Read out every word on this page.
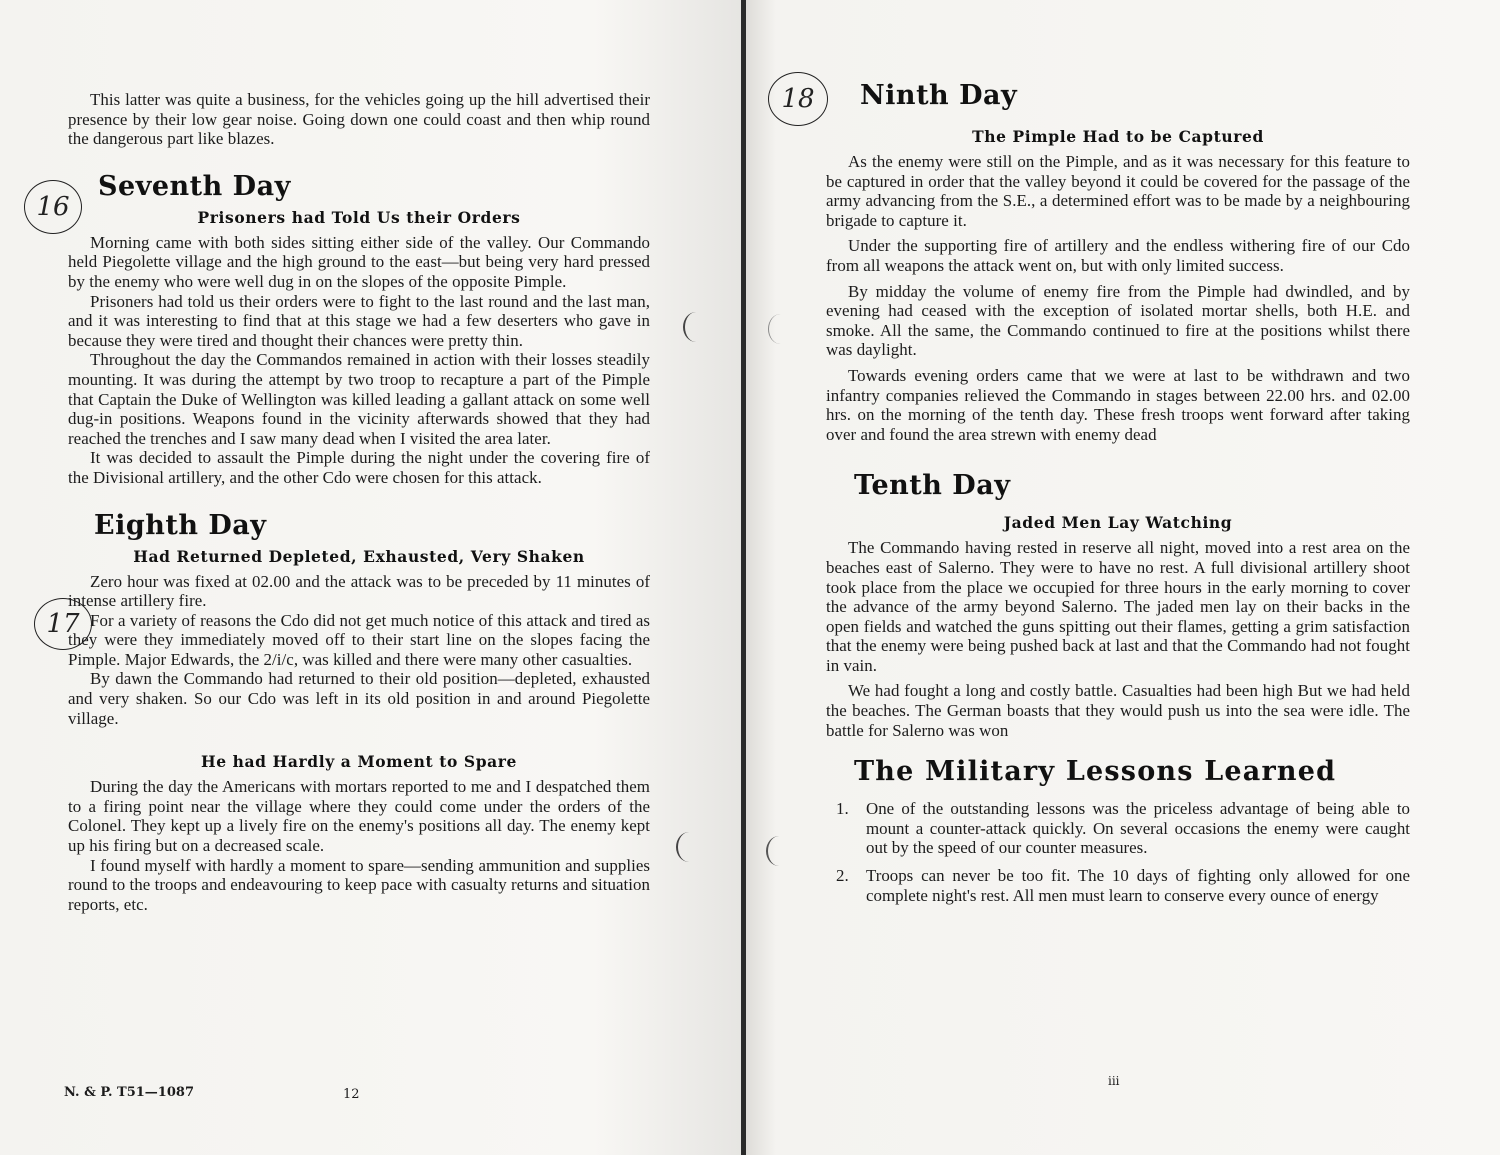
This latter was quite a business, for the vehicles going up the hill advertised their presence by their low gear noise. Going down one could coast and then whip round the dangerous part like blazes.

Seventh Day
Prisoners had Told Us their Orders

Morning came with both sides sitting either side of the valley. Our Commando held Piegolette village and the high ground to the east—but being very hard pressed by the enemy who were well dug in on the slopes of the opposite Pimple.

Prisoners had told us their orders were to fight to the last round and the last man, and it was interesting to find that at this stage we had a few deserters who gave in because they were tired and thought their chances were pretty thin.

Throughout the day the Commandos remained in action with their losses steadily mounting. It was during the attempt by two troop to recapture a part of the Pimple that Captain the Duke of Wellington was killed leading a gallant attack on some well dug-in positions. Weapons found in the vicinity afterwards showed that they had reached the trenches and I saw many dead when I visited the area later.

It was decided to assault the Pimple during the night under the covering fire of the Divisional artillery, and the other Cdo were chosen for this attack.

Eighth Day
Had Returned Depleted, Exhausted, Very Shaken

Zero hour was fixed at 02.00 and the attack was to be preceded by 11 minutes of intense artillery fire.

For a variety of reasons the Cdo did not get much notice of this attack and tired as they were they immediately moved off to their start line on the slopes facing the Pimple. Major Edwards, the 2/i/c, was killed and there were many other casualties.

By dawn the Commando had returned to their old position—depleted, exhausted and very shaken. So our Cdo was left in its old position in and around Piegolette village.

He had Hardly a Moment to Spare

During the day the Americans with mortars reported to me and I despatched them to a firing point near the village where they could come under the orders of the Colonel. They kept up a lively fire on the enemy's positions all day. The enemy kept up his firing but on a decreased scale.

I found myself with hardly a moment to spare—sending ammunition and supplies round to the troops and endeavouring to keep pace with casualty returns and situation reports, etc.

16
17
N. & P. T51—1087	12
Ninth Day
The Pimple Had to be Captured

As the enemy were still on the Pimple, and as it was necessary for this feature to be captured in order that the valley beyond it could be covered for the passage of the army advancing from the S.E., a determined effort was to be made by a neighbouring brigade to capture it.

Under the supporting fire of artillery and the endless withering fire of our Cdo from all weapons the attack went on, but with only limited success.

By midday the volume of enemy fire from the Pimple had dwindled, and by evening had ceased with the exception of isolated mortar shells, both H.E. and smoke. All the same, the Commando continued to fire at the positions whilst there was daylight.

Towards evening orders came that we were at last to be withdrawn and two infantry companies relieved the Commando in stages between 22.00 hrs. and 02.00 hrs. on the morning of the tenth day. These fresh troops went forward after taking over and found the area strewn with enemy dead

Tenth Day
Jaded Men Lay Watching

The Commando having rested in reserve all night, moved into a rest area on the beaches east of Salerno. They were to have no rest. A full divisional artillery shoot took place from the place we occupied for three hours in the early morning to cover the advance of the army beyond Salerno. The jaded men lay on their backs in the open fields and watched the guns spitting out their flames, getting a grim satisfaction that the enemy were being pushed back at last and that the Commando had not fought in vain.

We had fought a long and costly battle. Casualties had been high But we had held the beaches. The German boasts that they would push us into the sea were idle. The battle for Salerno was won

The Military Lessons Learned
1. One of the outstanding lessons was the priceless advantage of being able to mount a counter-attack quickly. On several occasions the enemy were caught out by the speed of our counter measures.
2. Troops can never be too fit. The 10 days of fighting only allowed for one complete night's rest. All men must learn to conserve every ounce of energy
18
iii
